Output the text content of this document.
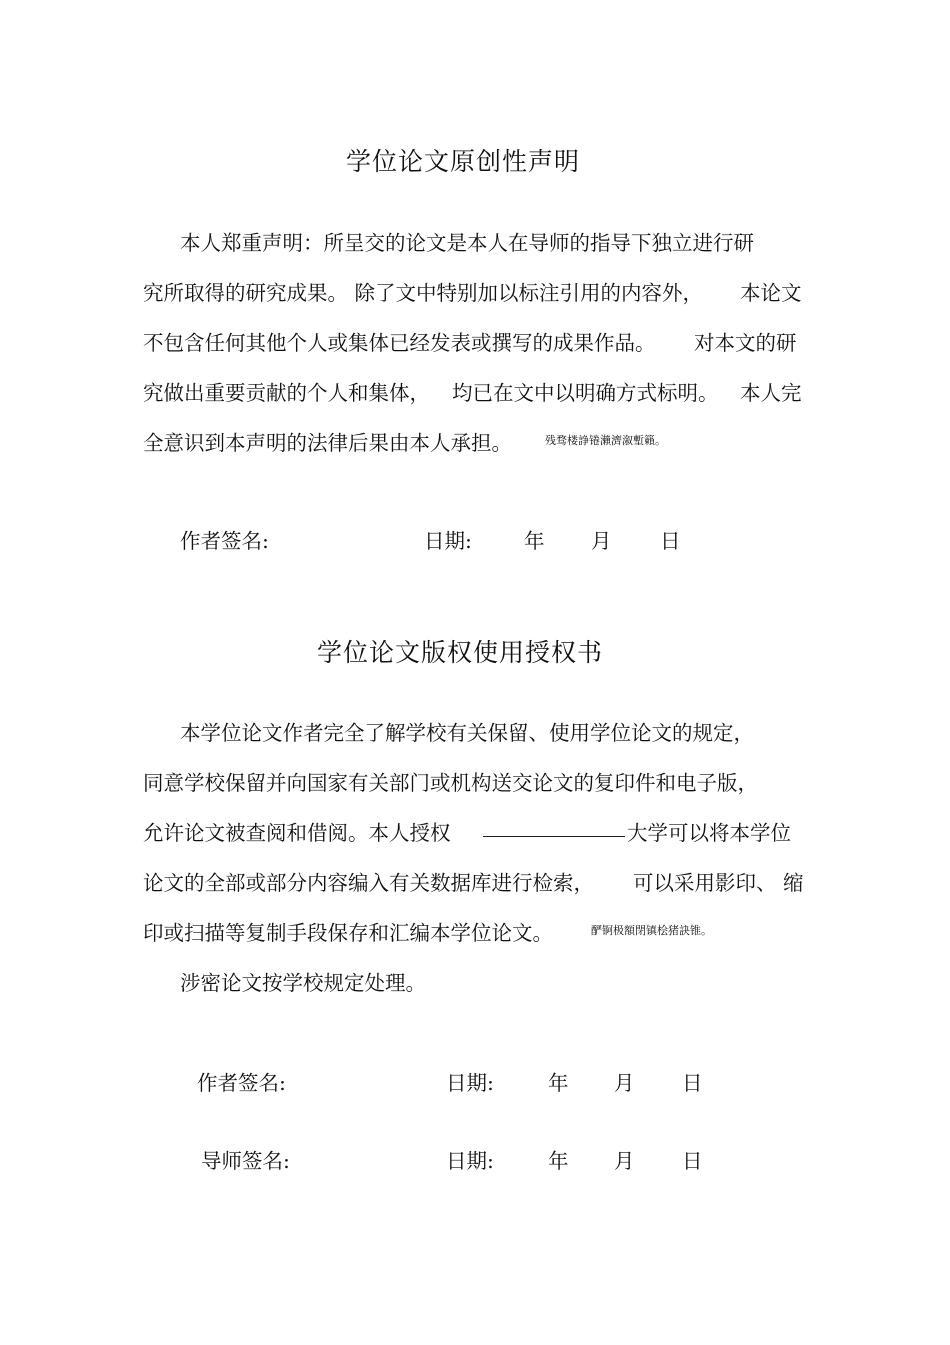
学位论文原创性声明
本人郑重声明：所呈交的论文是本人在导师的指导下独立进行研
究所取得的研究成果。 除了文中特别加以标注引用的内容外， 本论文
不包含任何其他个人或集体已经发表或撰写的成果作品。 对本文的研
究做出重要贡献的个人和集体， 均已在文中以明确方式标明。 本人完
全意识到本声明的法律后果由本人承担。	残骛楼諍锩瀨濟溆塹籟。
作者签名:	日期:	年 月 日
学位论文版权使用授权书
本学位论文作者完全了解学校有关保留、使用学位论文的规定，
同意学校保留并向国家有关部门或机构送交论文的复印件和电子版，
允许论文被查阅和借阅。本人授权	大学可以将本学位
论文的全部或部分内容编入有关数据库进行检索， 可以采用影印、 缩
印或扫描等复制手段保存和汇编本学位论文。	酽锕极額閉镇桧猪訣锥。
涉密论文按学校规定处理。
作者签名:	日期:	年 月 日
导师签名:	日期:	年 月 日
